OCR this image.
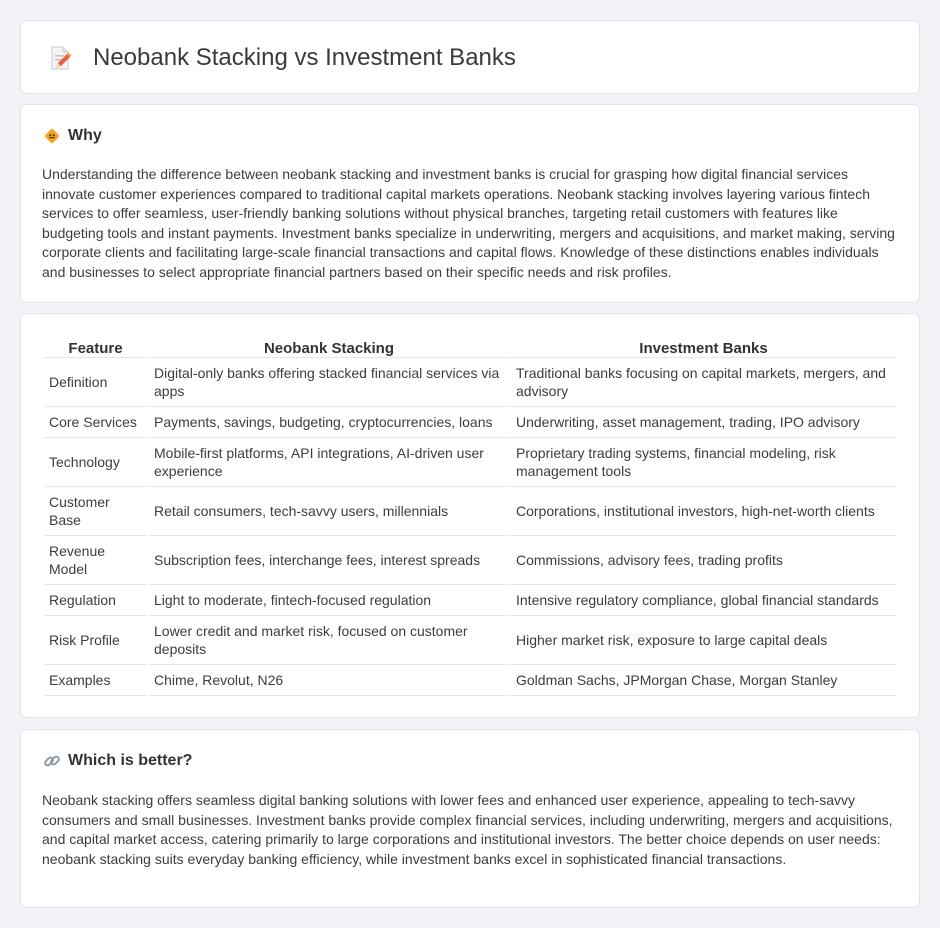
Neobank Stacking vs Investment Banks
Why

Understanding the difference between neobank stacking and investment banks is crucial for grasping how digital financial services innovate customer experiences compared to traditional capital markets operations. Neobank stacking involves layering various fintech services to offer seamless, user-friendly banking solutions without physical branches, targeting retail customers with features like budgeting tools and instant payments. Investment banks specialize in underwriting, mergers and acquisitions, and market making, serving corporate clients and facilitating large-scale financial transactions and capital flows. Knowledge of these distinctions enables individuals and businesses to select appropriate financial partners based on their specific needs and risk profiles.

Feature	Neobank Stacking	Investment Banks
Definition	Digital-only banks offering stacked financial services via apps	Traditional banks focusing on capital markets, mergers, and advisory
Core Services	Payments, savings, budgeting, cryptocurrencies, loans	Underwriting, asset management, trading, IPO advisory
Technology	Mobile-first platforms, API integrations, AI-driven user experience	Proprietary trading systems, financial modeling, risk management tools
Customer Base	Retail consumers, tech-savvy users, millennials	Corporations, institutional investors, high-net-worth clients
Revenue Model	Subscription fees, interchange fees, interest spreads	Commissions, advisory fees, trading profits
Regulation	Light to moderate, fintech-focused regulation	Intensive regulatory compliance, global financial standards
Risk Profile	Lower credit and market risk, focused on customer deposits	Higher market risk, exposure to large capital deals
Examples	Chime, Revolut, N26	Goldman Sachs, JPMorgan Chase, Morgan Stanley
Which is better?

Neobank stacking offers seamless digital banking solutions with lower fees and enhanced user experience, appealing to tech-savvy consumers and small businesses. Investment banks provide complex financial services, including underwriting, mergers and acquisitions, and capital market access, catering primarily to large corporations and institutional investors. The better choice depends on user needs: neobank stacking suits everyday banking efficiency, while investment banks excel in sophisticated financial transactions.
